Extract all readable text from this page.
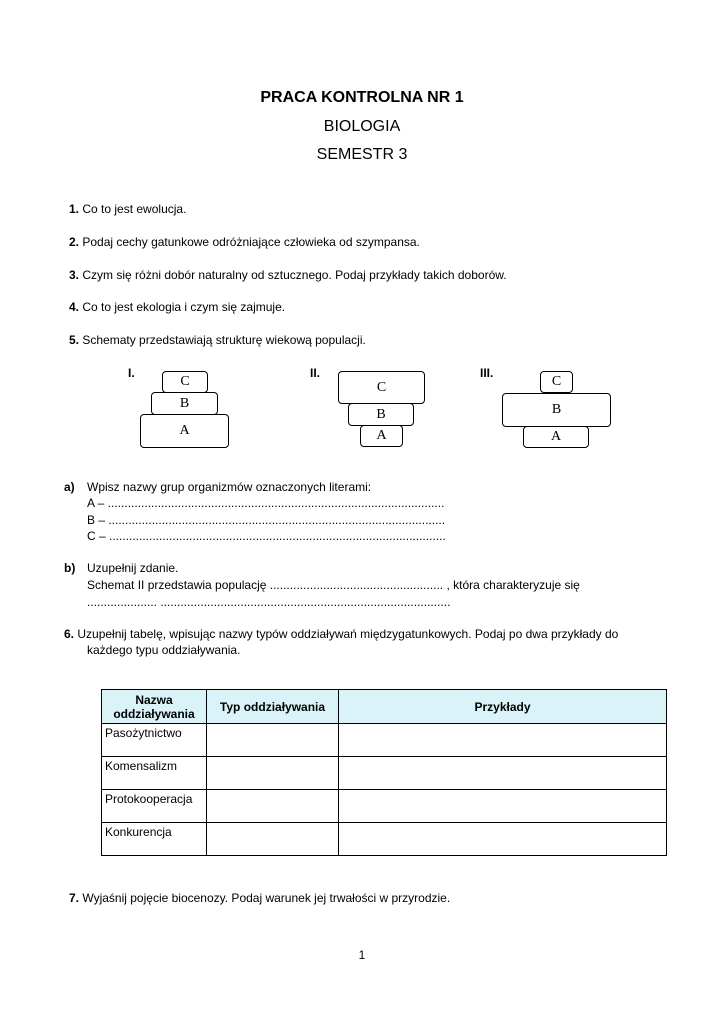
PRACA KONTROLNA NR 1
BIOLOGIA
SEMESTR 3
1. Co to jest ewolucja.
2. Podaj cechy gatunkowe odróżniające człowieka od szympansa.
3. Czym się różni dobór naturalny od sztucznego. Podaj przykłady takich doborów.
4. Co to jest ekologia i czym się zajmuje.
5. Schematy przedstawiają strukturę wiekową populacji.
I.
C
B
A
II.
C
B
A
III.
C
B
A
a) Wpisz nazwy grup organizmów oznaczonych literami:
A – .....................................................................................................
B – .....................................................................................................
C – .....................................................................................................
b) Uzupełnij zdanie.
Schemat II przedstawia populację .................................................... , która charakteryzuje się
..................... .......................................................................................
6. Uzupełnij tabelę, wpisując nazwy typów oddziaływań międzygatunkowych. Podaj po dwa przykłady do
każdego typu oddziaływania.
Nazwa oddziaływania	Typ oddziaływania	Przykłady
Pasożytnictwo		
Komensalizm		
Protokooperacja		
Konkurencja		
7. Wyjaśnij pojęcie biocenozy. Podaj warunek jej trwałości w przyrodzie.
1
